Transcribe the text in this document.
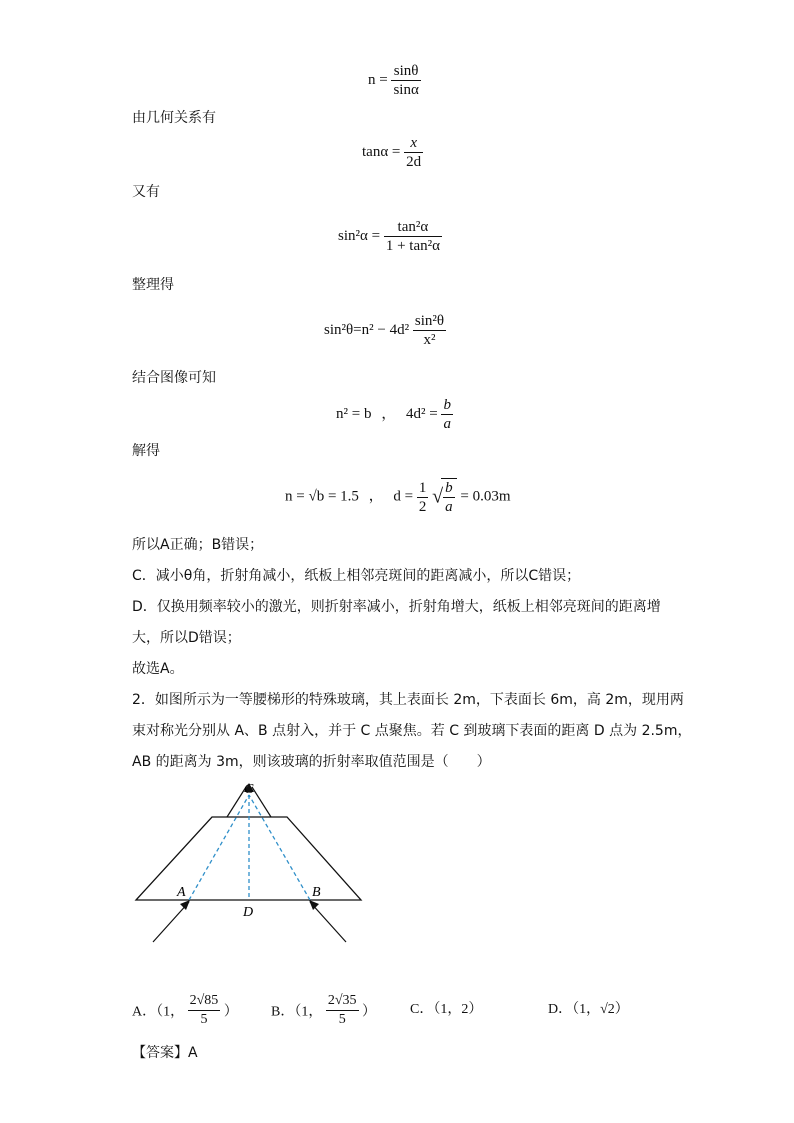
$n = \frac{\sin\theta}{\sin\alpha}$
由几何关系有
$\tan\alpha = \frac{x}{2d}$
又有
$\sin^2\alpha = \frac{\text{tan²α}}{\text{1 + tan²α}}$
整理得
$\sin^2\theta=n^2 - 4d^2 \frac{\text{sin²θ}}{\text{x²}}$
结合图像可知
n² = b ， $4d^2 = \frac{b}{a}$
解得
n = √b = 1.5 ， $d = \frac{1}{2}$ √
$\frac{b}{a} = 0.03m$
所以A正确；B错误；
C．减小θ角，折射角减小，纸板上相邻亮斑间的距离减小，所以C错误；
D．仅换用频率较小的激光，则折射率减小，折射角增大，纸板上相邻亮斑间的距离增
大，所以D错误；
故选A。
2．如图所示为一等腰梯形的特殊玻璃，其上表面长 2m，下表面长 6m，高 2m，现用两
束对称光分别从 A、B 点射入，并于 C 点聚焦。若 C 到玻璃下表面的距离 D 点为 2.5m，
AB 的距离为 3m，则该玻璃的折射率取值范围是（　　）
C
A	B
D
A．（1， $\frac{2√85}{5}$ ） B．（1， $\frac{2√35}{5}$ ） C．（1，2）	D．（1，√2）
【答案】A
